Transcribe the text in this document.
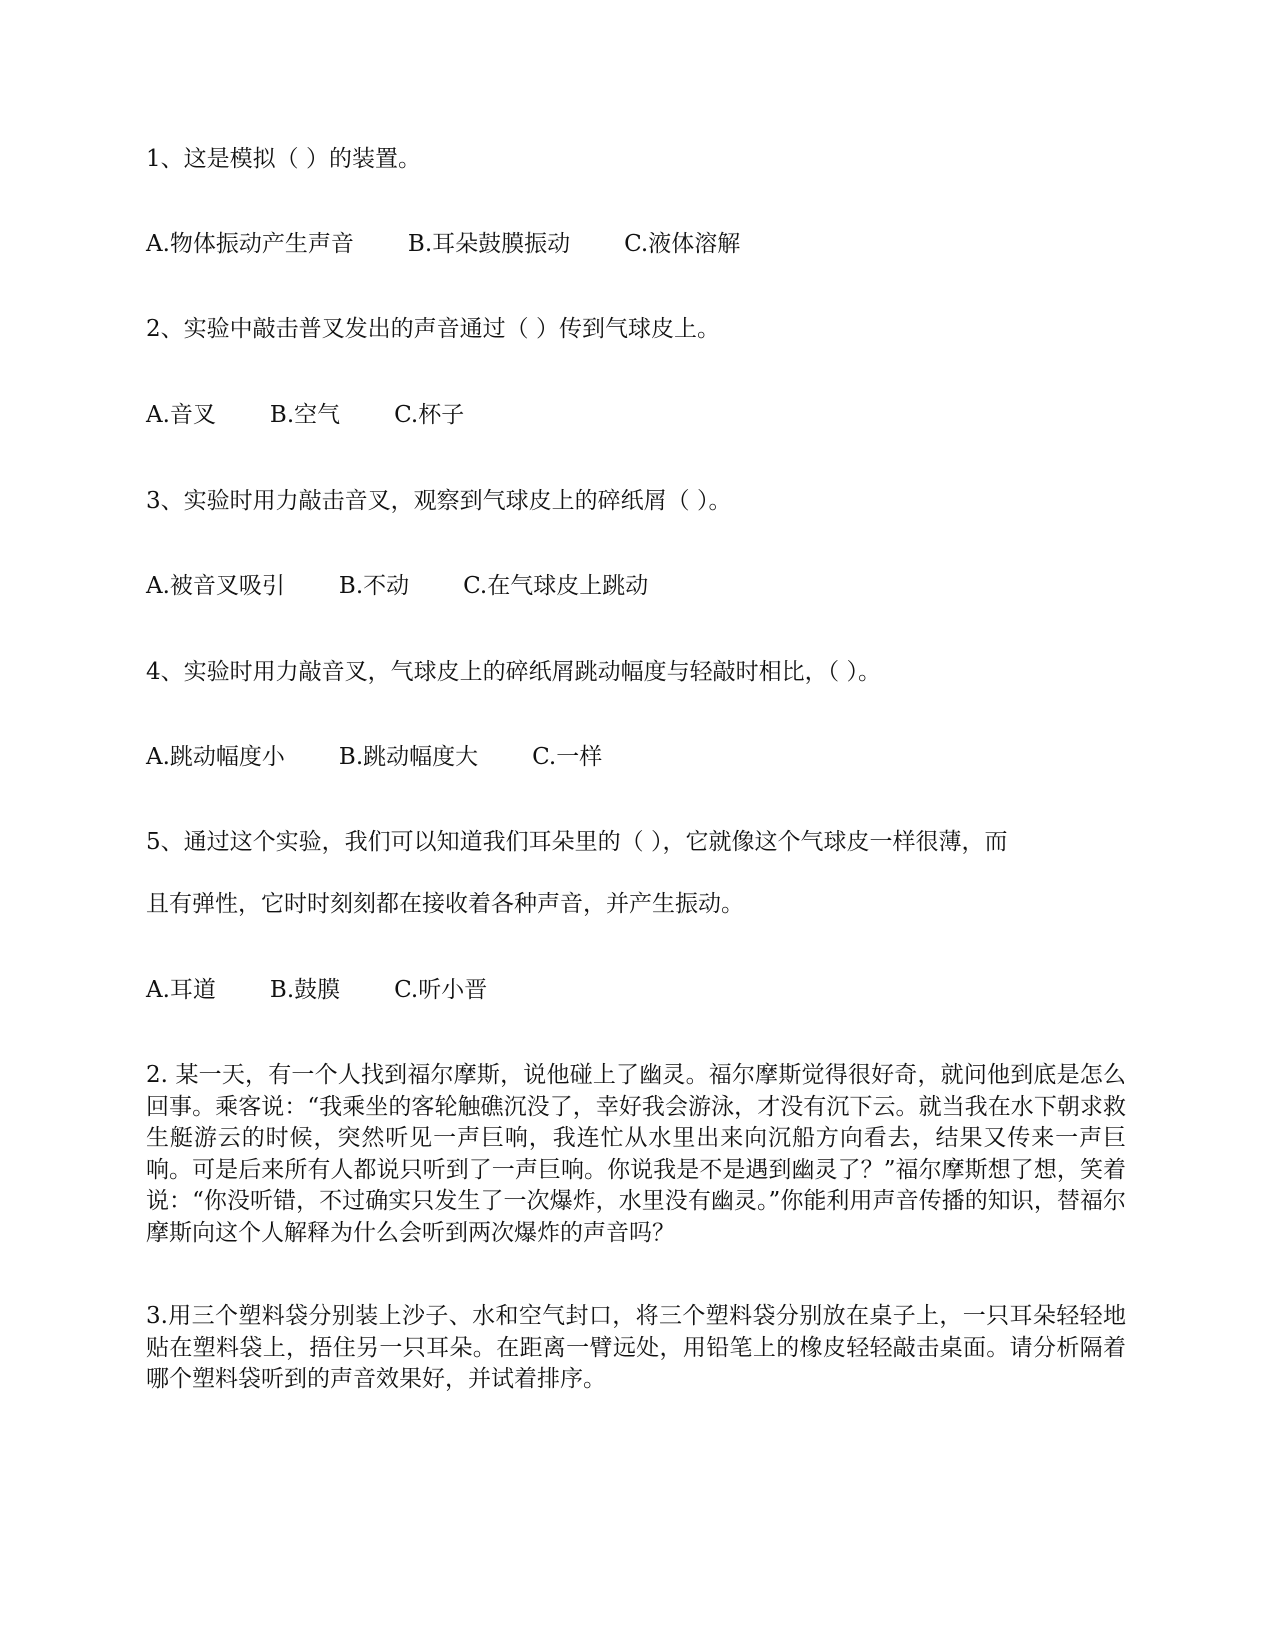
1、这是模拟（ ）的装置。
A.物体振动产生声音 B.耳朵鼓膜振动 C.液体溶解
2、实验中敲击普叉发出的声音通过（ ）传到气球皮上。
A.音叉 B.空气 C.杯子
3、实验时用力敲击音叉，观察到气球皮上的碎纸屑（ ）。
A.被音叉吸引 B.不动 C.在气球皮上跳动
4、实验时用力敲音叉，气球皮上的碎纸屑跳动幅度与轻敲时相比，（ ）。
A.跳动幅度小 B.跳动幅度大 C.一样
5、通过这个实验，我们可以知道我们耳朵里的（ ），它就像这个气球皮一样很薄，而
且有弹性，它时时刻刻都在接收着各种声音，并产生振动。
A.耳道 B.鼓膜 C.听小晋
2. 某一天，有一个人找到福尔摩斯，说他碰上了幽灵。福尔摩斯觉得很好奇，就问他到底是怎么回事。乘客说：“我乘坐的客轮触礁沉没了，幸好我会游泳，才没有沉下云。就当我在水下朝求救生艇游云的时候，突然听见一声巨响，我连忙从水里出来向沉船方向看去，结果又传来一声巨响。可是后来所有人都说只听到了一声巨响。你说我是不是遇到幽灵了？”福尔摩斯想了想，笑着说：“你没听错，不过确实只发生了一次爆炸，水里没有幽灵。”你能利用声音传播的知识，替福尔摩斯向这个人解释为什么会听到两次爆炸的声音吗？
3.用三个塑料袋分别装上沙子、水和空气封口，将三个塑料袋分别放在桌子上，一只耳朵轻轻地贴在塑料袋上，捂住另一只耳朵。在距离一臂远处，用铅笔上的橡皮轻轻敲击桌面。请分析隔着哪个塑料袋听到的声音效果好，并试着排序。
